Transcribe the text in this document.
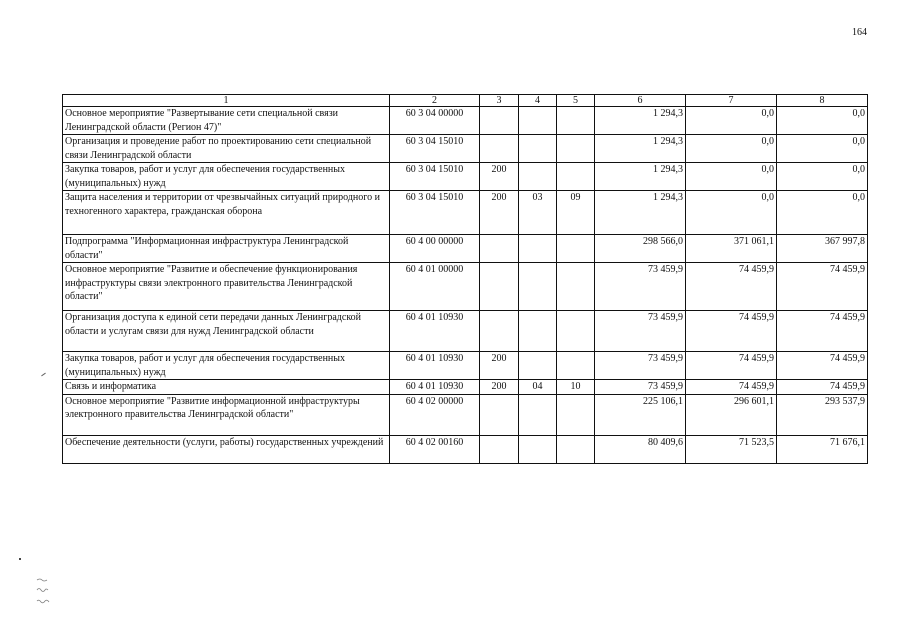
164
1	2	3	4	5	6	7	8
Основное мероприятие "Развертывание сети специальной связи Ленинградской области (Регион 47)"	60 3 04 00000				1 294,3	0,0	0,0
Организация и проведение работ по проектированию сети специальной связи Ленинградской области	60 3 04 15010				1 294,3	0,0	0,0
Закупка товаров, работ и услуг для обеспечения государственных (муниципальных) нужд	60 3 04 15010	200			1 294,3	0,0	0,0
Защита населения и территории от чрезвычайных ситуаций природного и техногенного характера, гражданская оборона	60 3 04 15010	200	03	09	1 294,3	0,0	0,0
Подпрограмма "Информационная инфраструктура Ленинградской области"	60 4 00 00000				298 566,0	371 061,1	367 997,8
Основное мероприятие "Развитие и обеспечение функционирования инфраструктуры связи электронного правительства Ленинградской области"	60 4 01 00000				73 459,9	74 459,9	74 459,9
Организация доступа к единой сети передачи данных Ленинградской области и услугам связи для нужд Ленинградской области	60 4 01 10930				73 459,9	74 459,9	74 459,9
Закупка товаров, работ и услуг для обеспечения государственных (муниципальных) нужд	60 4 01 10930	200			73 459,9	74 459,9	74 459,9
Связь и информатика	60 4 01 10930	200	04	10	73 459,9	74 459,9	74 459,9
Основное мероприятие "Развитие информационной инфраструктуры электронного правительства Ленинградской области"	60 4 02 00000				225 106,1	296 601,1	293 537,9
Обеспечение деятельности (услуги, работы) государственных учреждений	60 4 02 00160				80 409,6	71 523,5	71 676,1
